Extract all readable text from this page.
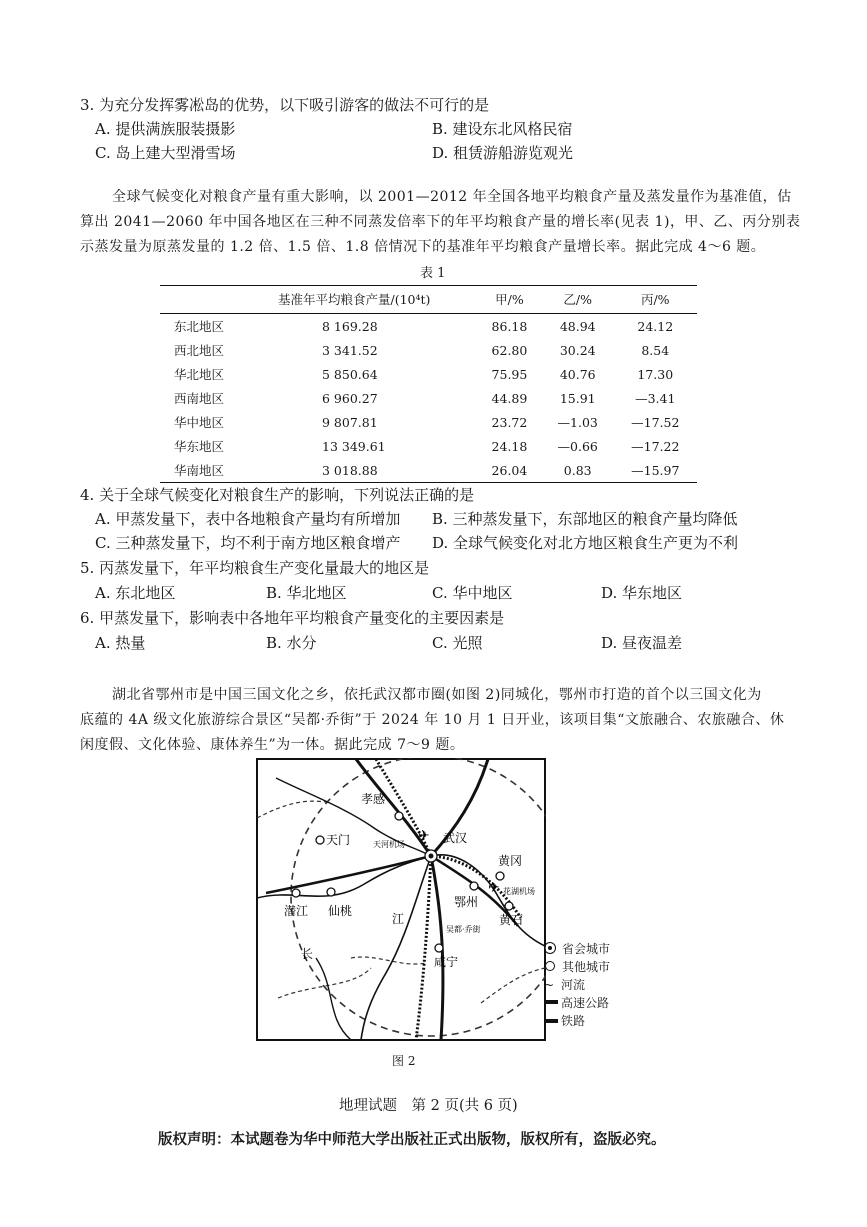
3. 为充分发挥雾凇岛的优势，以下吸引游客的做法不可行的是
A. 提供满族服装摄影	B. 建设东北风格民宿
C. 岛上建大型滑雪场	D. 租赁游船游览观光
全球气候变化对粮食产量有重大影响，以 2001—2012 年全国各地平均粮食产量及蒸发量作为基准值，估
算出 2041—2060 年中国各地区在三种不同蒸发倍率下的年平均粮食产量的增长率(见表 1)，甲、乙、丙分别表
示蒸发量为原蒸发量的 1.2 倍、1.5 倍、1.8 倍情况下的基准年平均粮食产量增长率。据此完成 4～6 题。
表 1
	基准年平均粮食产量/(10⁴t)	甲/%	乙/%	丙/%
东北地区	8 169.28	86.18	48.94	24.12
西北地区	3 341.52	62.80	30.24	8.54
华北地区	5 850.64	75.95	40.76	17.30
西南地区	6 960.27	44.89	15.91	—3.41
华中地区	9 807.81	23.72	—1.03	—17.52
华东地区	13 349.61	24.18	—0.66	—17.22
华南地区	3 018.88	26.04	0.83	—15.97
4. 关于全球气候变化对粮食生产的影响，下列说法正确的是
A. 甲蒸发量下，表中各地粮食产量均有所增加 B. 三种蒸发量下，东部地区的粮食产量均降低
C. 三种蒸发量下，均不利于南方地区粮食增产 D. 全球气候变化对北方地区粮食生产更为不利
5. 丙蒸发量下，年平均粮食生产变化量最大的地区是
A. 东北地区	B. 华北地区	C. 华中地区	D. 华东地区
6. 甲蒸发量下，影响表中各地年平均粮食产量变化的主要因素是
A. 热量	B. 水分	C. 光照	D. 昼夜温差
湖北省鄂州市是中国三国文化之乡，依托武汉都市圈(如图 2)同城化，鄂州市打造的首个以三国文化为
底蕴的 4A 级文化旅游综合景区“吴都·乔街”于 2024 年 10 月 1 日开业，该项目集“文旅融合、农旅融合、休
闲度假、文化体验、康体养生”为一体。据此完成 7～9 题。
孝感
天门	✈
天河机场	武汉
黄冈
✈ 花湖机场
鄂州
黄石
潜江 仙桃
江
长
吴都·乔街
咸宁
省会城市
其他城市
~ 河流
高速公路
铁路
图 2
地理试题　第 2 页(共 6 页)
版权声明：本试题卷为华中师范大学出版社正式出版物，版权所有，盗版必究。
